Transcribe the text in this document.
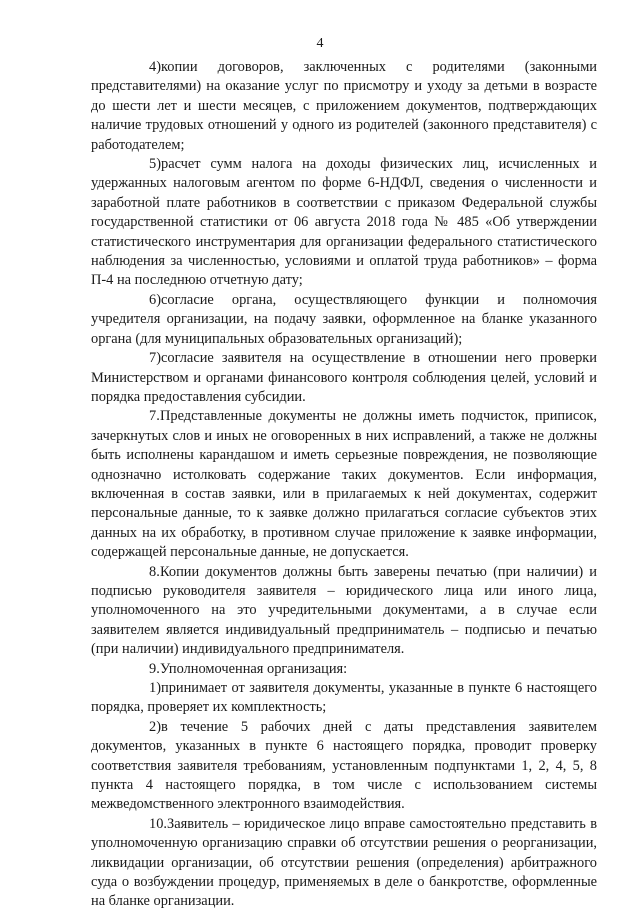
4

4)копии договоров, заключенных с родителями (законными представителями) на оказание услуг по присмотру и уходу за детьми в возрасте до шести лет и шести месяцев, с приложением документов, подтверждающих наличие трудовых отношений у одного из родителей (законного представителя) с работодателем;

5)расчет сумм налога на доходы физических лиц, исчисленных и удержанных налоговым агентом по форме 6-НДФЛ, сведения о численности и заработной плате работников в соответствии с приказом Федеральной службы государственной статистики от 06 августа 2018 года № 485 «Об утверждении статистического инструментария для организации федерального статистического наблюдения за численностью, условиями и оплатой труда работников» – форма П-4 на последнюю отчетную дату;

6)согласие органа, осуществляющего функции и полномочия учредителя организации, на подачу заявки, оформленное на бланке указанного органа (для муниципальных образовательных организаций);

7)согласие заявителя на осуществление в отношении него проверки Министерством и органами финансового контроля соблюдения целей, условий и порядка предоставления субсидии.

7.Представленные документы не должны иметь подчисток, приписок, зачеркнутых слов и иных не оговоренных в них исправлений, а также не должны быть исполнены карандашом и иметь серьезные повреждения, не позволяющие однозначно истолковать содержание таких документов. Если информация, включенная в состав заявки, или в прилагаемых к ней документах, содержит персональные данные, то к заявке должно прилагаться согласие субъектов этих данных на их обработку, в противном случае приложение к заявке информации, содержащей персональные данные, не допускается.

8.Копии документов должны быть заверены печатью (при наличии) и подписью руководителя заявителя – юридического лица или иного лица, уполномоченного на это учредительными документами, а в случае если заявителем является индивидуальный предприниматель – подписью и печатью (при наличии) индивидуального предпринимателя.

9.Уполномоченная организация:

1)принимает от заявителя документы, указанные в пункте 6 настоящего порядка, проверяет их комплектность;

2)в течение 5 рабочих дней с даты представления заявителем документов, указанных в пункте 6 настоящего порядка, проводит проверку соответствия заявителя требованиям, установленным подпунктами 1, 2, 4, 5, 8 пункта 4 настоящего порядка, в том числе с использованием системы межведомственного электронного взаимодействия.

10.Заявитель – юридическое лицо вправе самостоятельно представить в уполномоченную организацию справки об отсутствии решения о реорганизации, ликвидации организации, об отсутствии решения (определения) арбитражного суда о возбуждении процедур, применяемых в деле о банкротстве, оформленные на бланке организации.
